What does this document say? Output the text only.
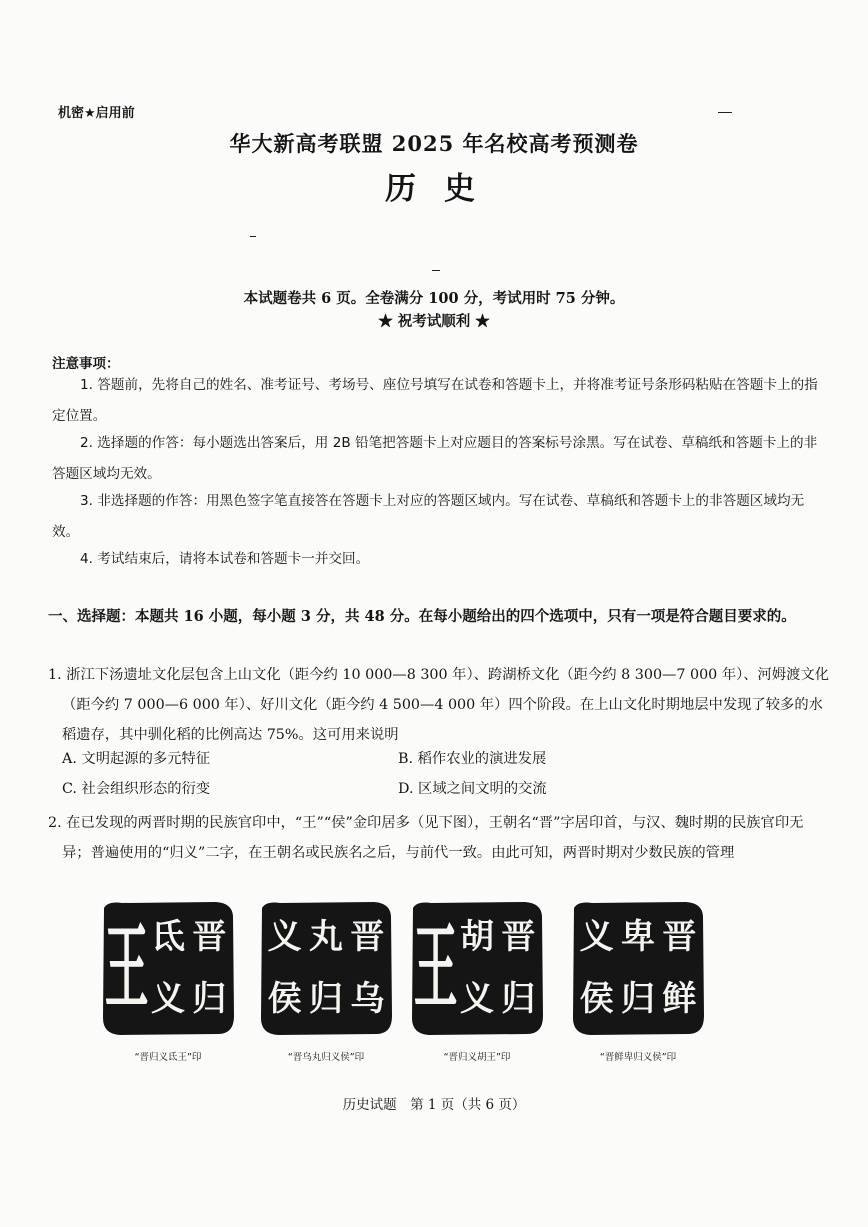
机密★启用前
华大新高考联盟 2025 年名校高考预测卷
历史
本试题卷共 6 页。全卷满分 100 分，考试用时 75 分钟。
★ 祝考试顺利 ★
注意事项：
1. 答题前，先将自己的姓名、准考证号、考场号、座位号填写在试卷和答题卡上，并将准考证号条形码粘贴在答题卡上的指定位置。
2. 选择题的作答：每小题选出答案后，用 2B 铅笔把答题卡上对应题目的答案标号涂黑。写在试卷、草稿纸和答题卡上的非答题区域均无效。
3. 非选择题的作答：用黑色签字笔直接答在答题卡上对应的答题区域内。写在试卷、草稿纸和答题卡上的非答题区域均无效。
4. 考试结束后，请将本试卷和答题卡一并交回。
一、选择题：本题共 16 小题，每小题 3 分，共 48 分。在每小题给出的四个选项中，只有一项是符合题目要求的。
1. 浙江下汤遗址文化层包含上山文化（距今约 10 000—8 300 年）、跨湖桥文化（距今约 8 300—7 000 年）、河姆渡文化（距今约 7 000—6 000 年）、好川文化（距今约 4 500—4 000 年）四个阶段。在上山文化时期地层中发现了较多的水稻遗存，其中驯化稻的比例高达 75%。这可用来说明
A. 文明起源的多元特征	B. 稻作农业的演进发展
C. 社会组织形态的衍变	D. 区域之间文明的交流
2. 在已发现的两晋时期的民族官印中，“王”“侯”金印居多（见下图），王朝名“晋”字居印首，与汉、魏时期的民族官印无异；普遍使用的“归义”二字，在王朝名或民族名之后，与前代一致。由此可知，两晋时期对少数民族的管理
晋
归
氐
义
王	晋
乌
丸
归
义
侯
晋
归
胡
义
王	晋
鲜
卑
归
义
侯
“晋归义氐王”印	“晋乌丸归义侯”印	“晋归义胡王”印	“晋鲜卑归义侯”印
历史试题　第 1 页（共 6 页）
